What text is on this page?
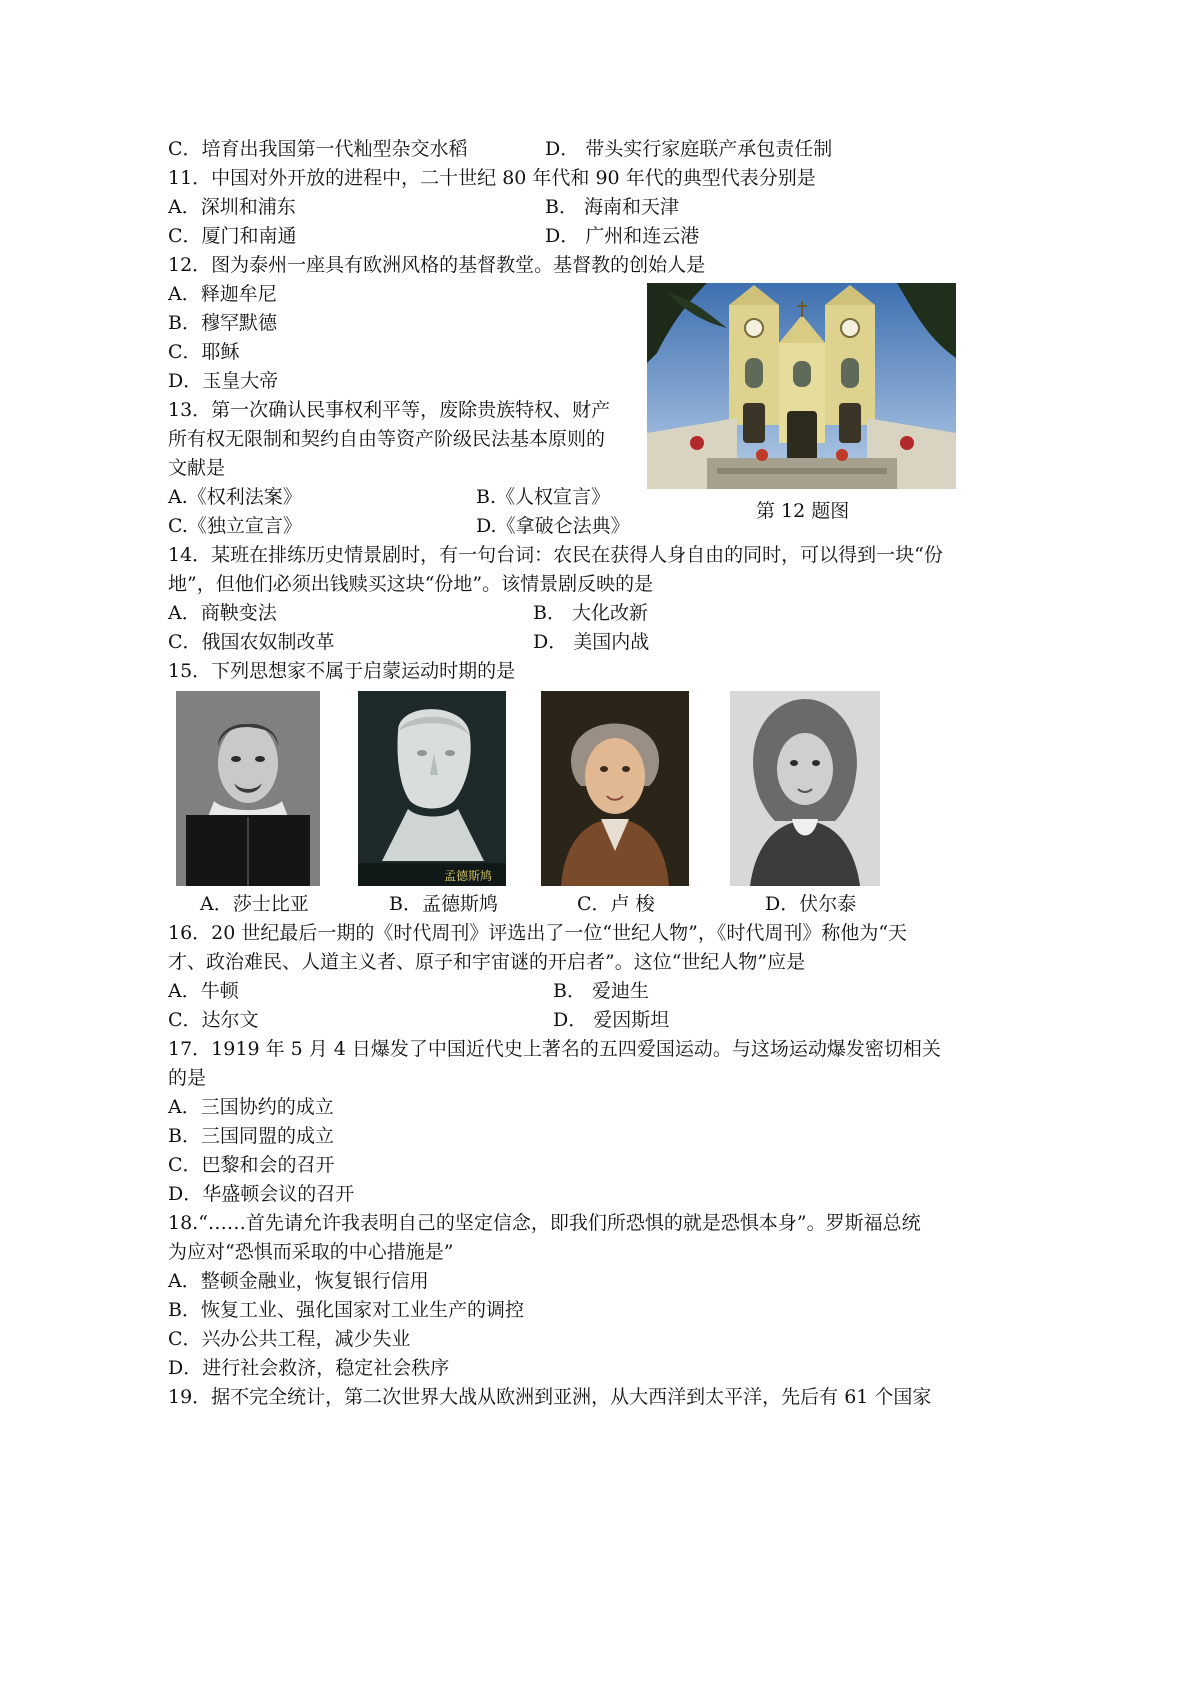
C．培育出我国第一代籼型杂交水稻	D． 带头实行家庭联产承包责任制
11．中国对外开放的进程中，二十世纪 80 年代和 90 年代的典型代表分别是
A．深圳和浦东	B． 海南和天津
C．厦门和南通	D． 广州和连云港
12．图为泰州一座具有欧洲风格的基督教堂。基督教的创始人是
A．释迦牟尼
B．穆罕默德
C．耶稣
D．玉皇大帝
第 12 题图
13．第一次确认民事权利平等，废除贵族特权、财产
所有权无限制和契约自由等资产阶级民法基本原则的
文献是
A.《权利法案》	B.《人权宣言》
C.《独立宣言》	D.《拿破仑法典》
14．某班在排练历史情景剧时，有一句台词：农民在获得人身自由的同时，可以得到一块“份
地”，但他们必须出钱赎买这块“份地”。该情景剧反映的是
A．商鞅变法	B． 大化改新
C．俄国农奴制改革	D． 美国内战
15．下列思想家不属于启蒙运动时期的是
孟德斯鸠
A．莎士比亚	B．孟德斯鸠	C．卢 梭	D．伏尔泰
16．20 世纪最后一期的《时代周刊》评选出了一位“世纪人物”，《时代周刊》称他为“天
才、政治难民、人道主义者、原子和宇宙谜的开启者”。这位“世纪人物”应是
A．牛顿	B． 爱迪生
C．达尔文	D． 爱因斯坦
17．1919 年 5 月 4 日爆发了中国近代史上著名的五四爱国运动。与这场运动爆发密切相关
的是
A．三国协约的成立
B．三国同盟的成立
C．巴黎和会的召开
D．华盛顿会议的召开
18.“……首先请允许我表明自己的坚定信念，即我们所恐惧的就是恐惧本身”。罗斯福总统
为应对“恐惧而采取的中心措施是”
A．整顿金融业，恢复银行信用
B．恢复工业、强化国家对工业生产的调控
C．兴办公共工程，减少失业
D．进行社会救济，稳定社会秩序
19．据不完全统计，第二次世界大战从欧洲到亚洲，从大西洋到太平洋，先后有 61 个国家
